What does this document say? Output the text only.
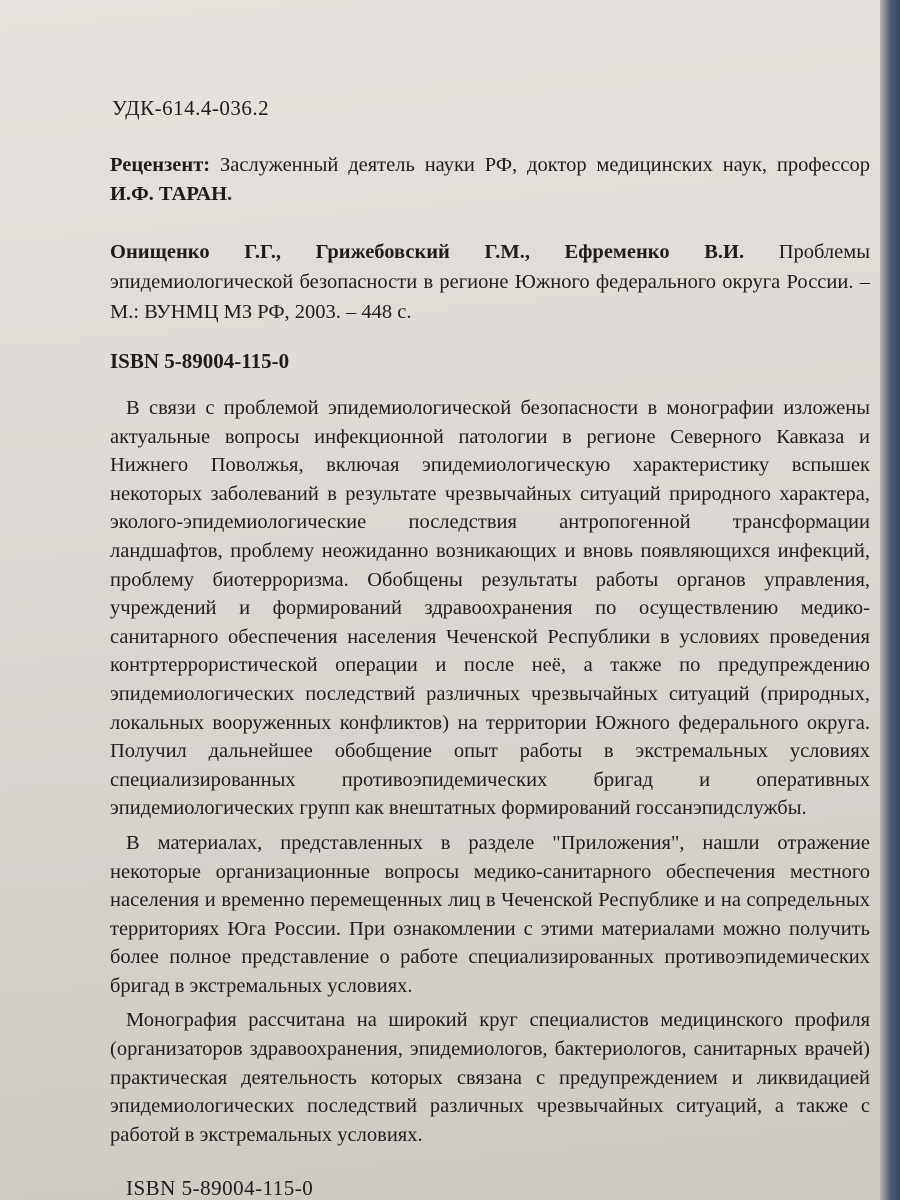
УДК-614.4-036.2
Рецензент: Заслуженный деятель науки РФ, доктор медицинских наук, профессор И.Ф. ТАРАН.
Онищенко Г.Г., Грижебовский Г.М., Ефременко В.И. Проблемы эпидемиологической безопасности в регионе Южного федерального округа России. – М.: ВУНМЦ МЗ РФ, 2003. – 448 с.
ISBN 5-89004-115-0

В связи с проблемой эпидемиологической безопасности в монографии изложены актуальные вопросы инфекционной патологии в регионе Северного Кавказа и Нижнего Поволжья, включая эпидемиологическую характеристику вспышек некоторых заболеваний в результате чрезвычайных ситуаций природного характера, эколого-эпидемиологические последствия антропогенной трансформации ландшафтов, проблему неожиданно возникающих и вновь появляющихся инфекций, проблему биотерроризма. Обобщены результаты работы органов управления, учреждений и формирований здравоохранения по осуществлению медико-санитарного обеспечения населения Чеченской Республики в условиях проведения контртеррористической операции и после неё, а также по предупреждению эпидемиологических последствий различных чрезвычайных ситуаций (природных, локальных вооруженных конфликтов) на территории Южного федерального округа. Получил дальнейшее обобщение опыт работы в экстремальных условиях специализированных противоэпидемических бригад и оперативных эпидемиологических групп как внештатных формирований госсанэпидслужбы.

В материалах, представленных в разделе "Приложения", нашли отражение некоторые организационные вопросы медико-санитарного обеспечения местного населения и временно перемещенных лиц в Чеченской Республике и на сопредельных территориях Юга России. При ознакомлении с этими материалами можно получить более полное представление о работе специализированных противоэпидемических бригад в экстремальных условиях.

Монография рассчитана на широкий круг специалистов медицинского профиля (организаторов здравоохранения, эпидемиологов, бактериологов, санитарных врачей) практическая деятельность которых связана с предупреждением и ликвидацией эпидемиологических последствий различных чрезвычайных ситуаций, а также с работой в экстремальных условиях.

ISBN 5-89004-115-0
